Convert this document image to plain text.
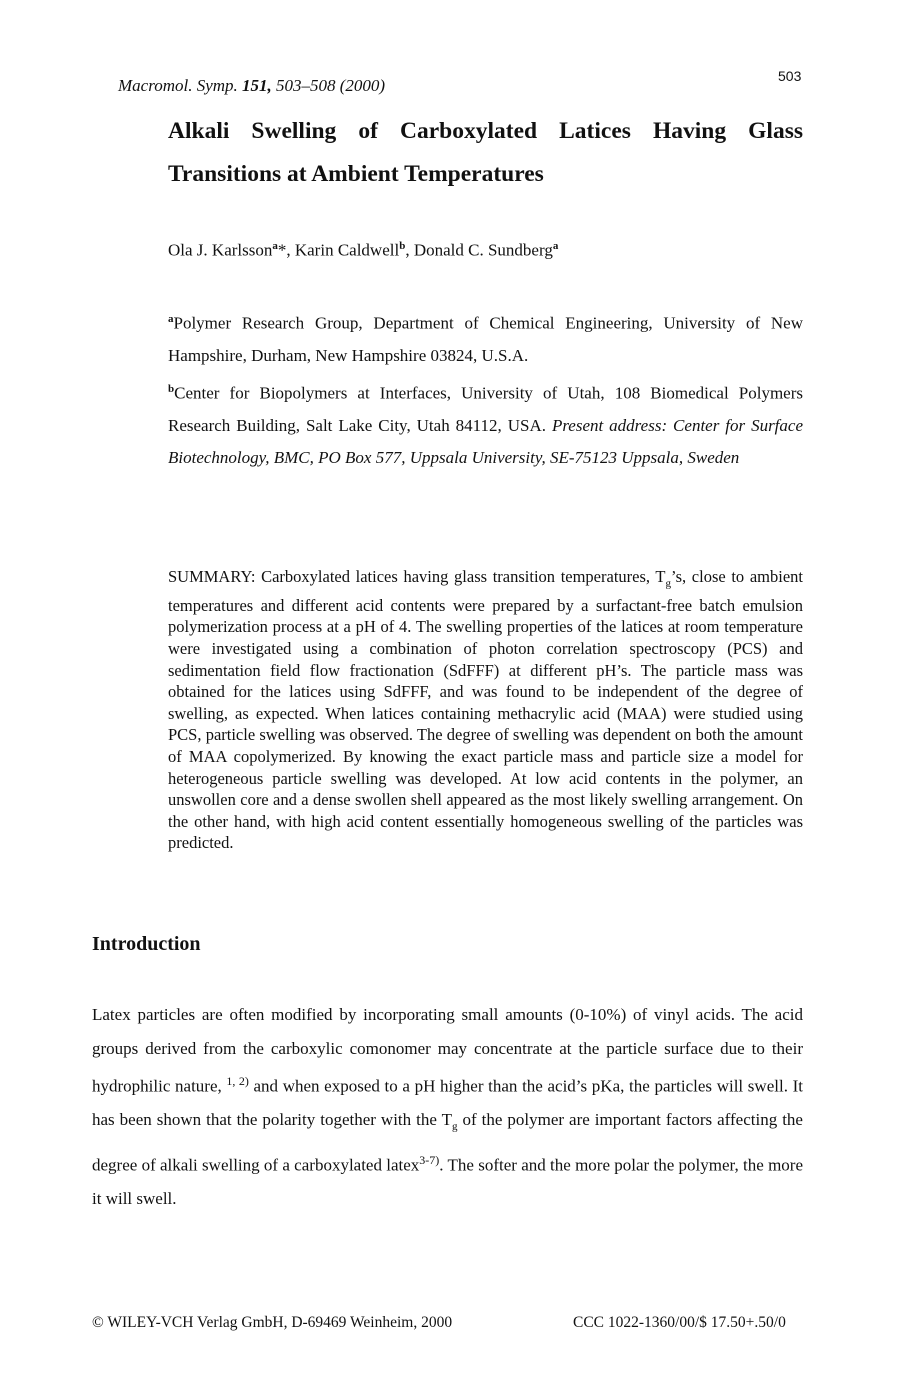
Macromol. Symp. 151, 503–508 (2000)	503
Alkali Swelling of Carboxylated Latices Having Glass Transitions at Ambient Temperatures
Ola J. Karlsson$^a$*, Karin Caldwell$^b$, Donald C. Sundberg$^a$
$^a$Polymer Research Group, Department of Chemical Engineering, University of New Hampshire, Durham, New Hampshire 03824, U.S.A.
$^b$Center for Biopolymers at Interfaces, University of Utah, 108 Biomedical Polymers Research Building, Salt Lake City, Utah 84112, USA. Present address: Center for Surface Biotechnology, BMC, PO Box 577, Uppsala University, SE-75123 Uppsala, Sweden
SUMMARY: Carboxylated latices having glass transition temperatures, $T_g’s$, close to ambient temperatures and different acid contents were prepared by a surfactant-free batch emulsion polymerization process at a pH of 4. The swelling properties of the latices at room temperature were investigated using a combination of photon correlation spectroscopy (PCS) and sedimentation field flow fractionation (SdFFF) at different pH’s. The particle mass was obtained for the latices using SdFFF, and was found to be independent of the degree of swelling, as expected. When latices containing methacrylic acid (MAA) were studied using PCS, particle swelling was observed. The degree of swelling was dependent on both the amount of MAA copolymerized. By knowing the exact particle mass and particle size a model for heterogeneous particle swelling was developed. At low acid contents in the polymer, an unswollen core and a dense swollen shell appeared as the most likely swelling arrangement. On the other hand, with high acid content essentially homogeneous swelling of the particles was predicted.
Introduction
Latex particles are often modified by incorporating small amounts (0-10%) of vinyl acids. The acid groups derived from the carboxylic comonomer may concentrate at the particle surface due to their hydrophilic nature, $^{1, 2)}$ and when exposed to a pH higher than the acid’s pKa, the particles will swell. It has been shown that the polarity together with the $T_g$ of the polymer are important factors affecting the degree of alkali swelling of a carboxylated latex$^{3-7)}$. The softer and the more polar the polymer, the more it will swell.
© WILEY-VCH Verlag GmbH, D-69469 Weinheim, 2000	CCC 1022-1360/00/$ 17.50+.50/0
